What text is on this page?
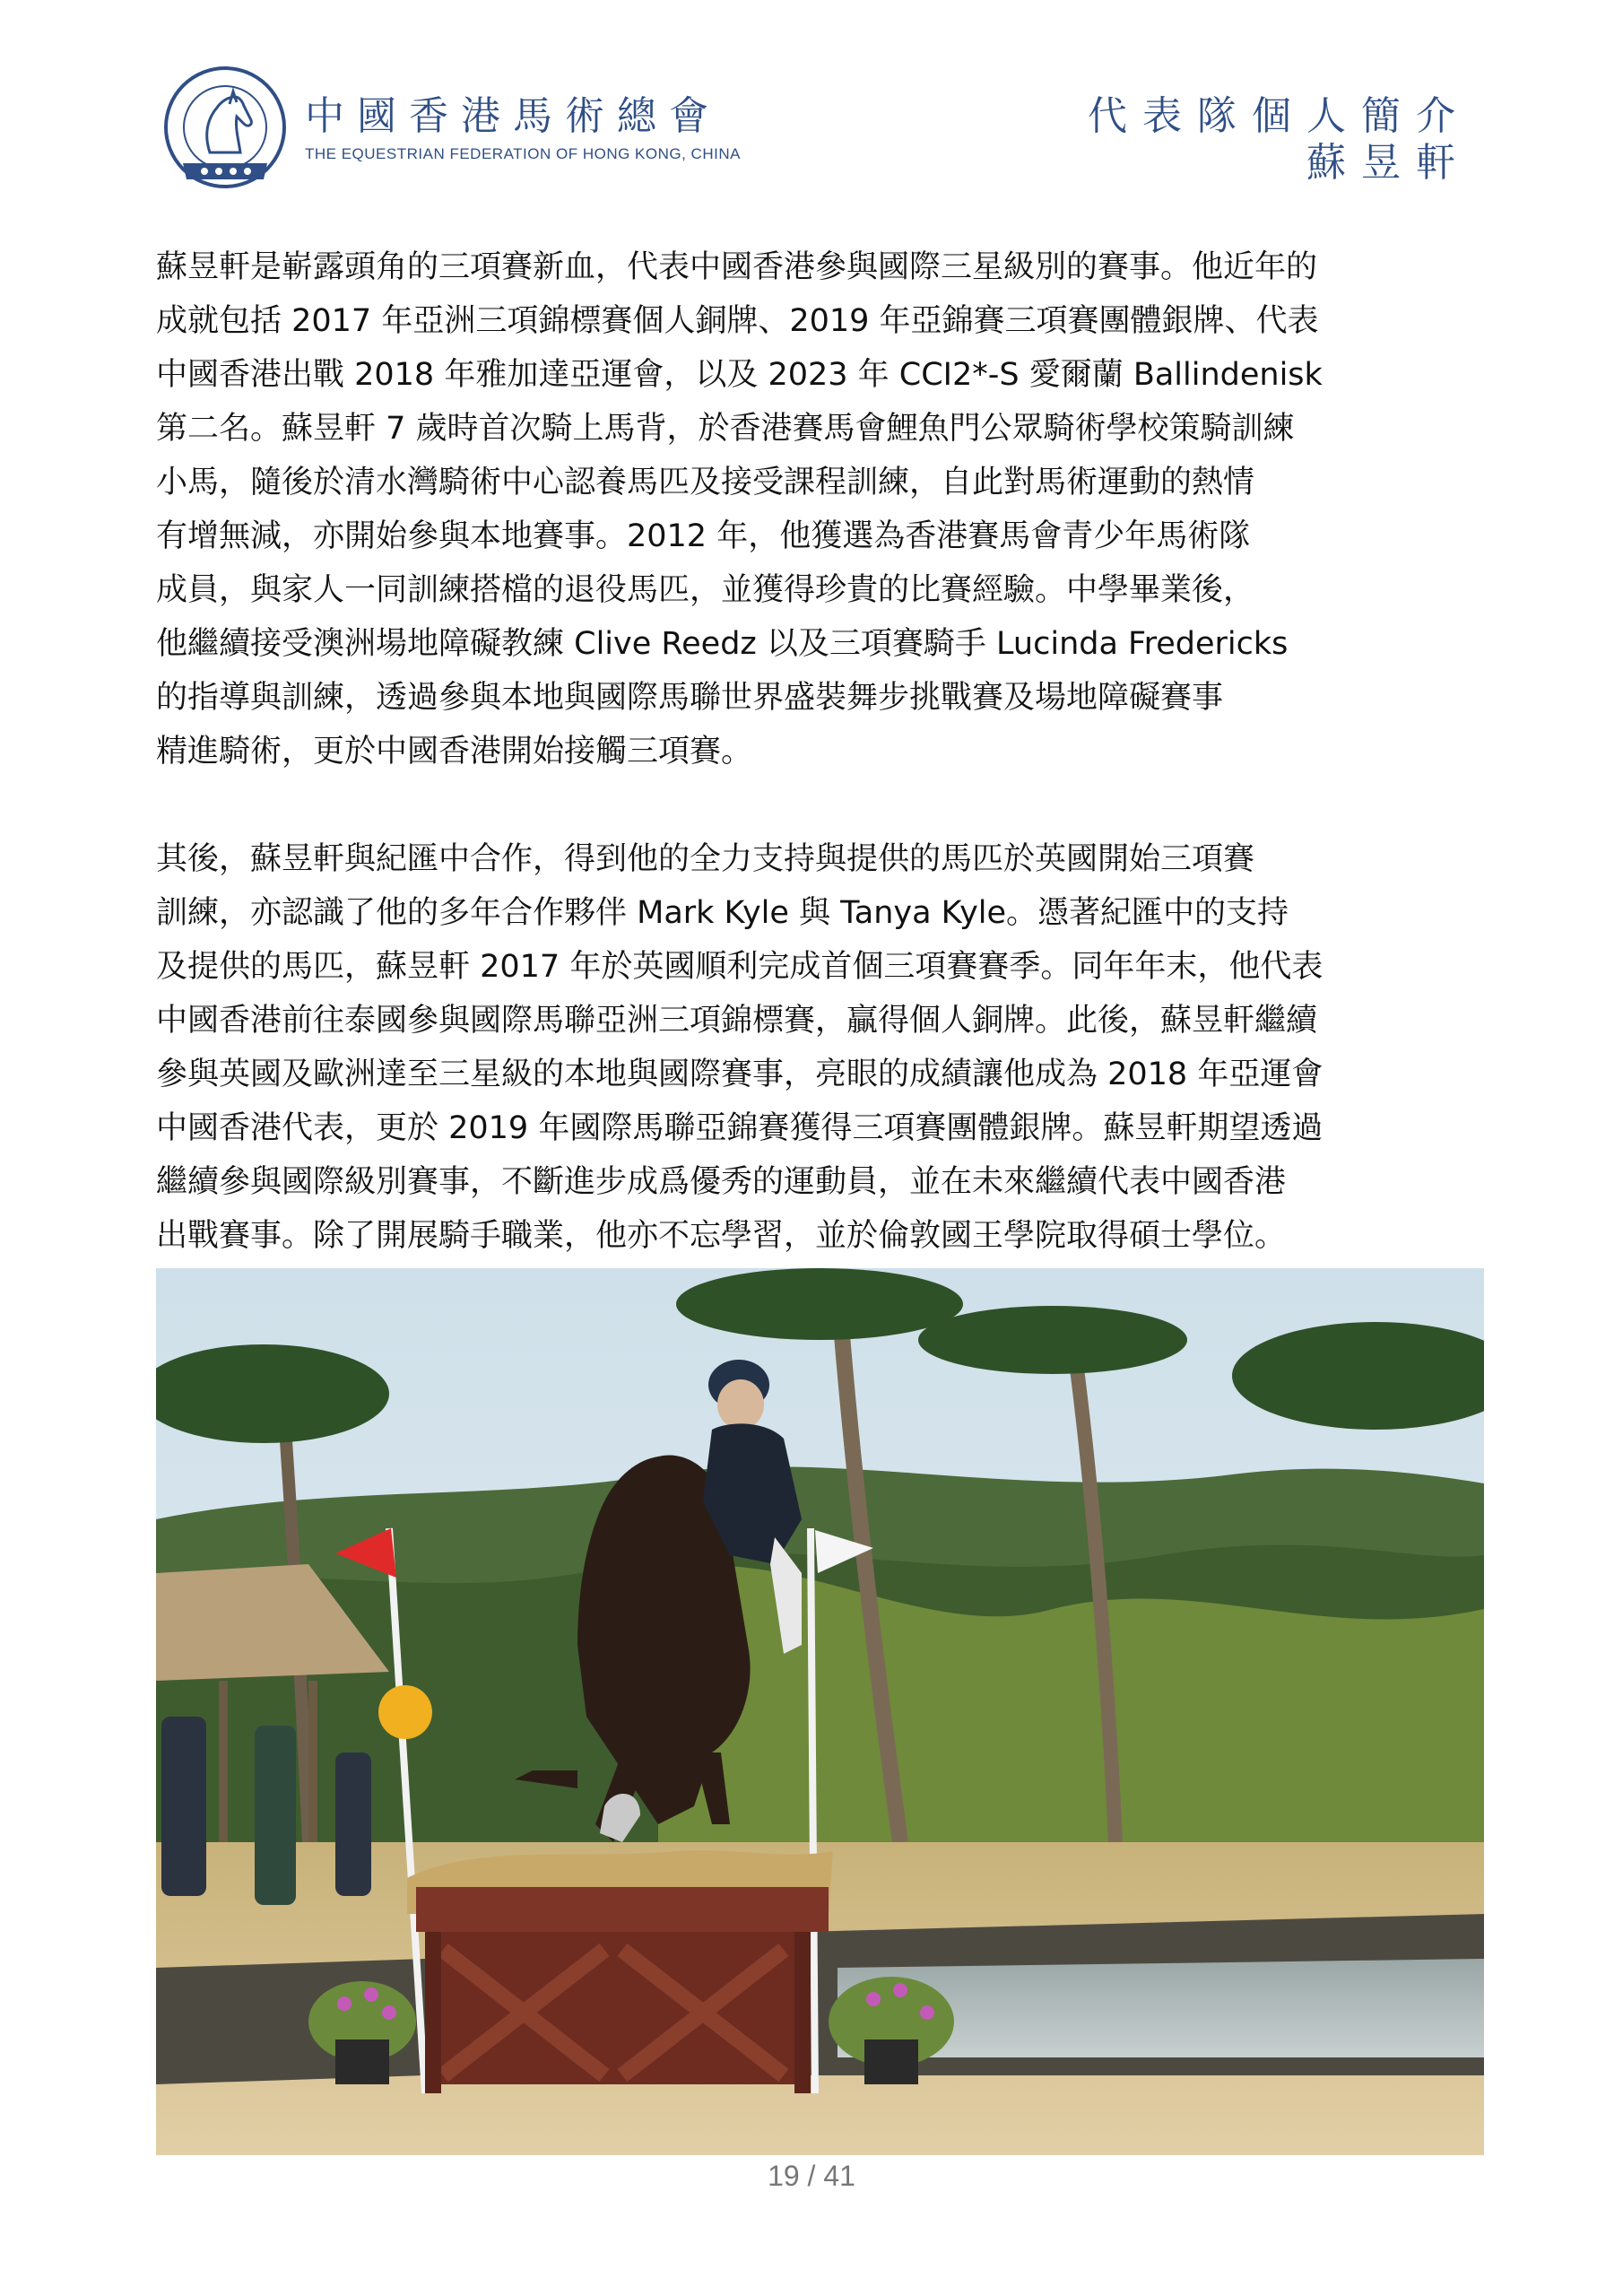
中國香港馬術總會
THE EQUESTRIAN FEDERATION OF HONG KONG, CHINA
代表隊個人簡介
蘇昱軒

蘇昱軒是嶄露頭角的三項賽新血，代表中國香港參與國際三星級別的賽事。他近年的
成就包括 2017 年亞洲三項錦標賽個人銅牌、2019 年亞錦賽三項賽團體銀牌、代表
中國香港出戰 2018 年雅加達亞運會，以及 2023 年 CCI2*-S 愛爾蘭 Ballindenisk
第二名。蘇昱軒 7 歲時首次騎上馬背，於香港賽馬會鯉魚門公眾騎術學校策騎訓練
小馬，隨後於清水灣騎術中心認養馬匹及接受課程訓練，自此對馬術運動的熱情
有增無減，亦開始參與本地賽事。2012 年，他獲選為香港賽馬會青少年馬術隊
成員，與家人一同訓練搭檔的退役馬匹，並獲得珍貴的比賽經驗。中學畢業後，
他繼續接受澳洲場地障礙教練 Clive Reedz 以及三項賽騎手 Lucinda Fredericks
的指導與訓練，透過參與本地與國際馬聯世界盛裝舞步挑戰賽及場地障礙賽事
精進騎術，更於中國香港開始接觸三項賽。

其後，蘇昱軒與紀匯中合作，得到他的全力支持與提供的馬匹於英國開始三項賽
訓練，亦認識了他的多年合作夥伴 Mark Kyle 與 Tanya Kyle。憑著紀匯中的支持
及提供的馬匹，蘇昱軒 2017 年於英國順利完成首個三項賽賽季。同年年末，他代表
中國香港前往泰國參與國際馬聯亞洲三項錦標賽，贏得個人銅牌。此後，蘇昱軒繼續
參與英國及歐洲達至三星級的本地與國際賽事，亮眼的成績讓他成為 2018 年亞運會
中國香港代表，更於 2019 年國際馬聯亞錦賽獲得三項賽團體銀牌。蘇昱軒期望透過
繼續參與國際級別賽事，不斷進步成爲優秀的運動員，並在未來繼續代表中國香港
出戰賽事。除了開展騎手職業，他亦不忘學習，並於倫敦國王學院取得碩士學位。

19 / 41
